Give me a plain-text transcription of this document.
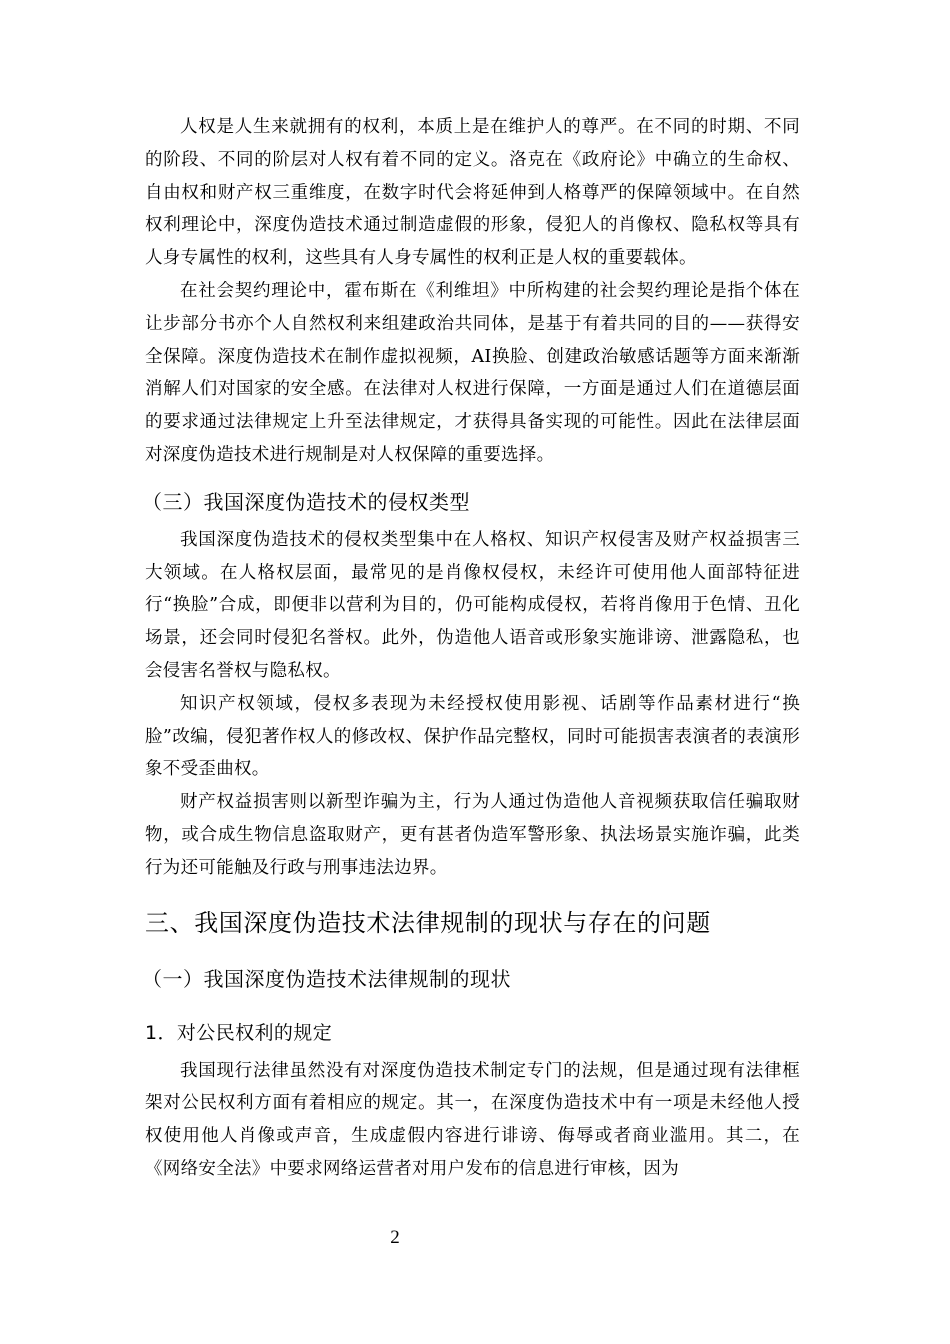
人权是人生来就拥有的权利，本质上是在维护人的尊严。在不同的时期、不同的阶段、不同的阶层对人权有着不同的定义。洛克在《政府论》中确立的生命权、自由权和财产权三重维度，在数字时代会将延伸到人格尊严的保障领域中。在自然权利理论中，深度伪造技术通过制造虚假的形象，侵犯人的肖像权、隐私权等具有人身专属性的权利，这些具有人身专属性的权利正是人权的重要载体。

在社会契约理论中，霍布斯在《利维坦》中所构建的社会契约理论是指个体在让步部分书亦个人自然权利来组建政治共同体，是基于有着共同的目的——获得安全保障。深度伪造技术在制作虚拟视频，AI换脸、创建政治敏感话题等方面来渐渐消解人们对国家的安全感。在法律对人权进行保障，一方面是通过人们在道德层面的要求通过法律规定上升至法律规定，才获得具备实现的可能性。因此在法律层面对深度伪造技术进行规制是对人权保障的重要选择。

（三）我国深度伪造技术的侵权类型

我国深度伪造技术的侵权类型集中在人格权、知识产权侵害及财产权益损害三大领域。在人格权层面，最常见的是肖像权侵权，未经许可使用他人面部特征进行“换脸”合成，即便非以营利为目的，仍可能构成侵权，若将肖像用于色情、丑化场景，还会同时侵犯名誉权。此外，伪造他人语音或形象实施诽谤、泄露隐私，也会侵害名誉权与隐私权。

知识产权领域，侵权多表现为未经授权使用影视、话剧等作品素材进行“换脸”改编，侵犯著作权人的修改权、保护作品完整权，同时可能损害表演者的表演形象不受歪曲权。

财产权益损害则以新型诈骗为主，行为人通过伪造他人音视频获取信任骗取财物，或合成生物信息盗取财产，更有甚者伪造军警形象、执法场景实施诈骗，此类行为还可能触及行政与刑事违法边界。

三、我国深度伪造技术法律规制的现状与存在的问题
（一）我国深度伪造技术法律规制的现状
1．对公民权利的规定

我国现行法律虽然没有对深度伪造技术制定专门的法规，但是通过现有法律框架对公民权利方面有着相应的规定。其一，在深度伪造技术中有一项是未经他人授权使用他人肖像或声音，生成虚假内容进行诽谤、侮辱或者商业滥用。其二，在《网络安全法》中要求网络运营者对用户发布的信息进行审核，因为

2
